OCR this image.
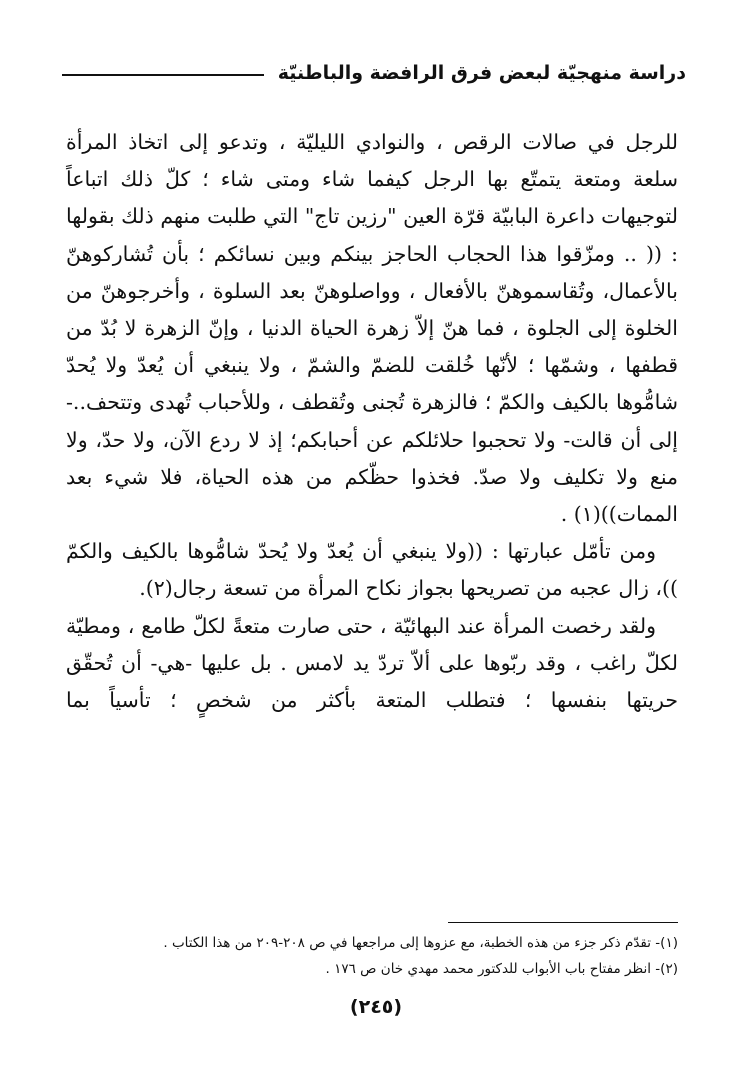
دراسة منهجيّة لبعض فرق الرافضة والباطنيّة

للرجل في صالات الرقص ، والنوادي الليليّة ، وتدعو إلى اتخاذ المرأة سلعة ومتعة يتمتّع بها الرجل كيفما شاء ومتى شاء ؛ كلّ ذلك اتباعاً لتوجيهات داعرة البابيّة قرّة العين "رزين تاج" التي طلبت منهم ذلك بقولها : (( .. ومزّقوا هذا الحجاب الحاجز بينكم وبين نسائكم ؛ بأن تُشاركوهنّ بالأعمال، وتُقاسموهنّ بالأفعال ، وواصلوهنّ بعد السلوة ، وأخرجوهنّ من الخلوة إلى الجلوة ، فما هنّ إلاّ زهرة الحياة الدنيا ، وإنّ الزهرة لا بُدّ من قطفها ، وشمّها ؛ لأنّها خُلقت للضمّ والشمّ ، ولا ينبغي أن يُعدّ ولا يُحدّ شامُّوها بالكيف والكمّ ؛ فالزهرة تُجنى وتُقطف ، وللأحباب تُهدى وتتحف..-إلى أن قالت- ولا تحجبوا حلائلكم عن أحبابكم؛ إذ لا ردع الآن، ولا حدّ، ولا منع ولا تكليف ولا صدّ. فخذوا حظّكم من هذه الحياة، فلا شيء بعد الممات))(١) .

ومن تأمّل عبارتها : ((ولا ينبغي أن يُعدّ ولا يُحدّ شامُّوها بالكيف والكمّ ))، زال عجبه من تصريحها بجواز نكاح المرأة من تسعة رجال(٢).

ولقد رخصت المرأة عند البهائيّة ، حتى صارت متعةً لكلّ طامع ، ومطيّة لكلّ راغب ، وقد ربّوها على ألاّ تردّ يد لامس . بل عليها -هي- أن تُحقّق حريتها بنفسها ؛ فتطلب المتعة بأكثر من شخصٍ ؛ تأسياً بما

(١)- تقدّم ذكر جزء من هذه الخطبة، مع عزوها إلى مراجعها في ص ٢٠٨-٢٠٩ من هذا الكتاب .
(٢)- انظر مفتاح باب الأبواب للدكتور محمد مهدي خان ص ١٧٦ .
(٢٤٥)
